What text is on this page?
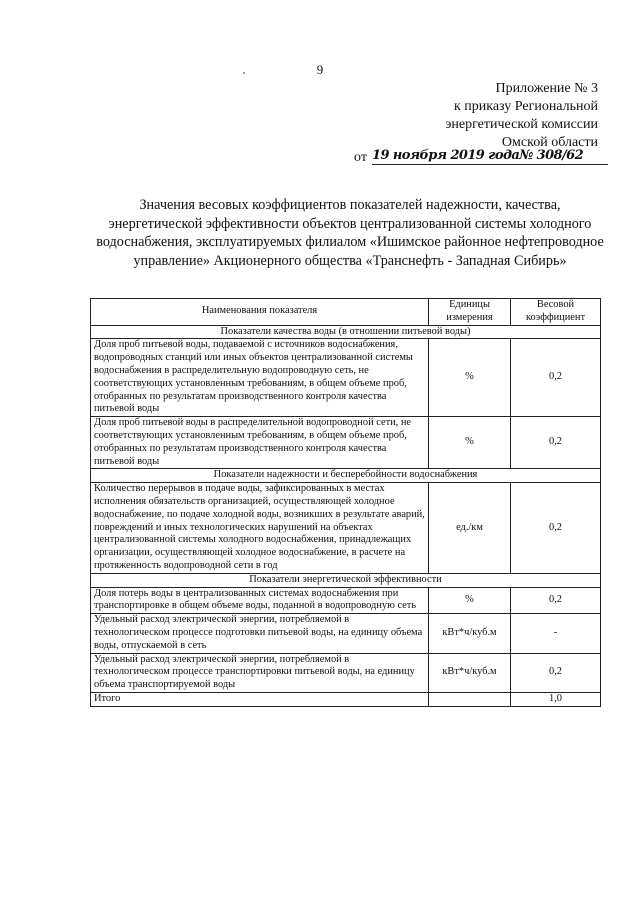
9
Приложение № 3
к приказу Региональной
энергетической комиссии
Омской области
от 19 ноября 2019 года№ 308/62
Значения весовых коэффициентов показателей надежности, качества, энергетической эффективности объектов централизованной системы холодного водоснабжения, эксплуатируемых филиалом «Ишимское районное нефтепроводное управление» Акционерного общества «Транснефть - Западная Сибирь»
Наименования показателя	Единицы измерения	Весовой коэффициент
Показатели качества воды (в отношении питьевой воды)		
Доля проб питьевой воды, подаваемой с источников водоснабжения, водопроводных станций или иных объектов централизованной системы водоснабжения в распределительную водопроводную сеть, не соответствующих установленным требованиям, в общем объеме проб, отобранных по результатам производственного контроля качества питьевой воды	%	0,2
Доля проб питьевой воды в распределительной водопроводной сети, не соответствующих установленным требованиям, в общем объеме проб, отобранных по результатам производственного контроля качества питьевой воды	%	0,2
Показатели надежности и бесперебойности водоснабжения		
Количество перерывов в подаче воды, зафиксированных в местах исполнения обязательств организацией, осуществляющей холодное водоснабжение, по подаче холодной воды, возникших в результате аварий, повреждений и иных технологических нарушений на объектах централизованной системы холодного водоснабжения, принадлежащих организации, осуществляющей холодное водоснабжение, в расчете на протяженность водопроводной сети в год	ед./км	0,2
Показатели энергетической эффективности		
Доля потерь воды в централизованных системах водоснабжения при транспортировке в общем объеме воды, поданной в водопроводную сеть	%	0,2
Удельный расход электрической энергии, потребляемой в технологическом процессе подготовки питьевой воды, на единицу объема воды, отпускаемой в сеть	кВт*ч/куб.м	-
Удельный расход электрической энергии, потребляемой в технологическом процессе транспортировки питьевой воды, на единицу объема транспортируемой воды	кВт*ч/куб.м	0,2
Итого		1,0
